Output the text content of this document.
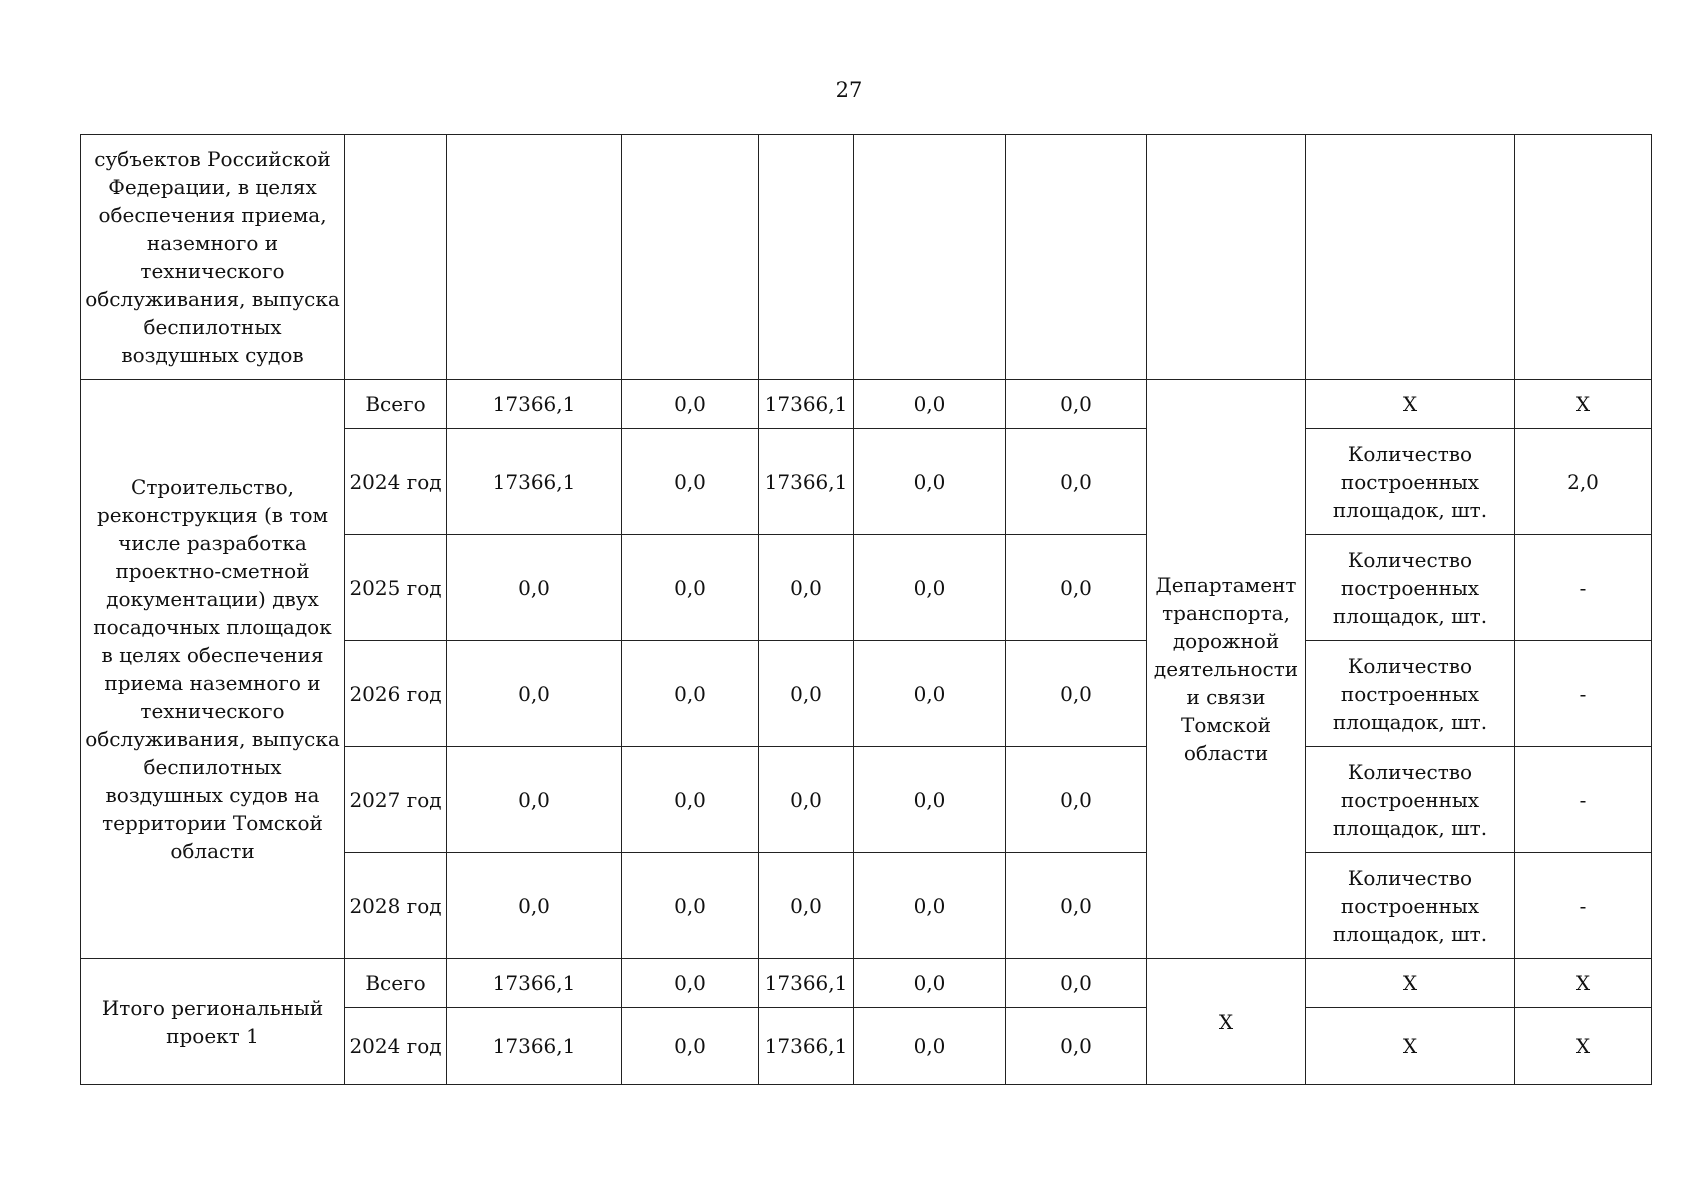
27
субъектов Российской Федерации, в целях обеспечения приема, наземного и технического обслуживания, выпуска беспилотных воздушных судов									
Строительство, реконструкция (в том числе разработка проектно-сметной документации) двух посадочных площадок в целях обеспечения приема наземного и технического обслуживания, выпуска беспилотных воздушных судов на территории Томской области	Всего	17366,1	0,0	17366,1	0,0	0,0	Департамент транспорта, дорожной деятельности и связи Томской области	Х	Х
	2024 год	17366,1	0,0	17366,1	0,0	0,0		Количество построенных площадок, шт.	2,0
	2025 год	0,0	0,0	0,0	0,0	0,0		Количество построенных площадок, шт.	-
	2026 год	0,0	0,0	0,0	0,0	0,0		Количество построенных площадок, шт.	-
	2027 год	0,0	0,0	0,0	0,0	0,0		Количество построенных площадок, шт.	-
	2028 год	0,0	0,0	0,0	0,0	0,0		Количество построенных площадок, шт.	-
Итого региональный проект 1	Всего	17366,1	0,0	17366,1	0,0	0,0	Х	Х	Х
	2024 год	17366,1	0,0	17366,1	0,0	0,0		Х	Х
